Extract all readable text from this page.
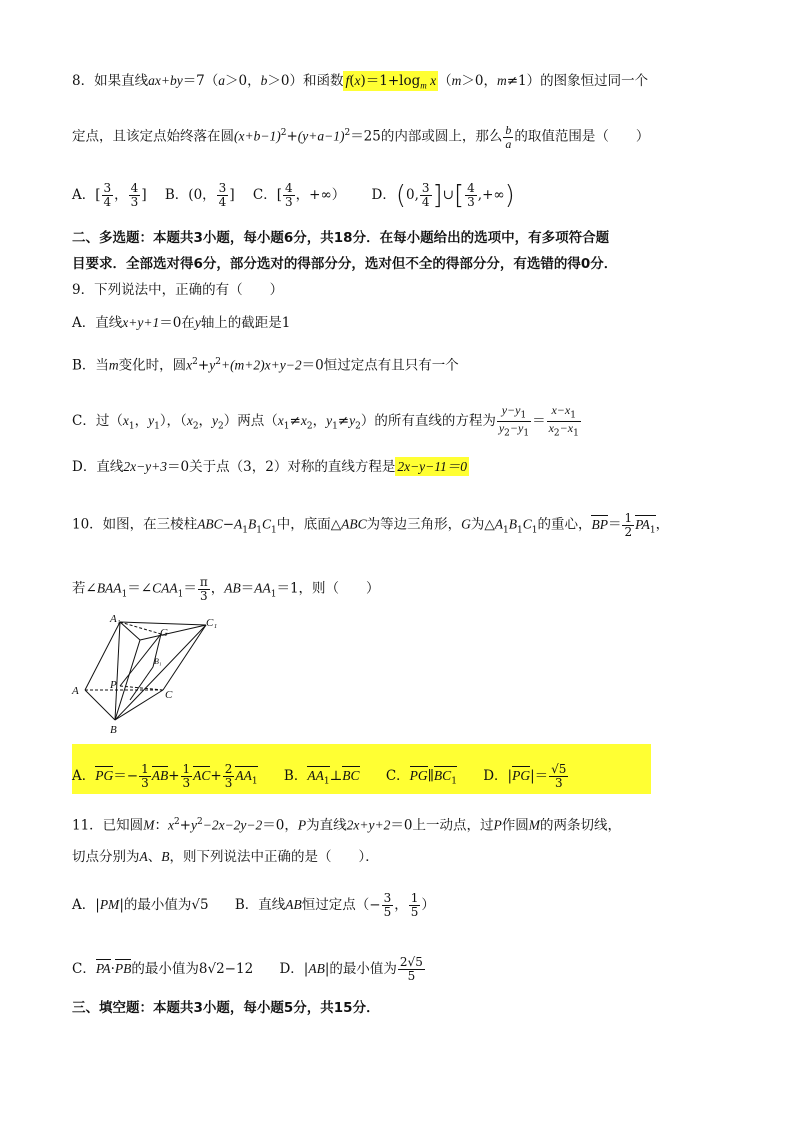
8．如果直线ax+by＝7（a＞0，b＞0）和函数 $f(x)=1+\log_m$ x （m＞0，m≠1）的图象恒过同一个
定点，且该定点始终落在圆$(x+b-1)^2+(y+a-1)^2=25$的内部或圆上，那么 $\frac{b}{a}$ 的取值范围是（　　）
A．[ $\frac{3}{4}$ ， $\frac{4}{3}$ ] B．(0， $\frac{3}{4}$ ] C．[ $\frac{4}{3}$ ，+∞） D．(0, $\frac{3}{4}$ ]∪[ $\frac{4}{3}$ ,+∞)
二、多选题：本题共3小题，每小题6分，共18分．在每小题给出的选项中，有多项符合题
目要求．全部选对得6分，部分选对的得部分分，选对但不全的得部分分，有选错的得0分．
9．下列说法中，正确的有（　　）
A．直线x+y+1＝0在y轴上的截距是1
B．当m变化时，圆$x^2+y^2+(m+2)x+y-2=0$恒过定点有且只有一个
C．过（$x_1$，$y_1$），（$x_2$，$y_2$）两点（$x_1\ne x_2$，$y_1\ne y_2$）的所有直线的方程为 $\frac{y-y_1}{y_2-y_1} = \frac{x-x_1}{x_2-x_1}$
D．直线2x−y+3＝0关于点（3，2）对称的直线方程是 2x−y−11＝0
10．如图，在三棱柱$ABC-A_1B_1C_1$中，底面△ABC为等边三角形，G为$\triangle A_1B_1C_1$的重心，$BP= \frac{1}{2} PA_1$，
若$\angle BAA_1=\angle CAA_1= \frac{\pi}{3}$ ，$AB=AA_1=1$，则（　　）
A₁	C₁
G
B₁
A	P
C
B
A．$PG=- \frac{1}{3} AB+ \frac{1}{3} AC+ \frac{2}{3} AA_1$ B．$AA_1\perp BC$ C．$PG\parallel BC_1$ D．$|PG|= \frac{√5}{3}$
11．已知圆M：$x^2+y^2-2x-2y-2=0$，P为直线2x+y+2＝0上一动点，过P作圆M的两条切线，
切点分别为A、B，则下列说法中正确的是（　　）．
A．|PM|的最小值为√5 B．直线AB恒过定点（− $\frac{3}{5}$ ， $\frac{1}{5}$ ）
C．PA·PB的最小值为8√2−12 D．|AB|的最小值为 $\frac{2√5}{5}$
三、填空题：本题共3小题，每小题5分，共15分．
